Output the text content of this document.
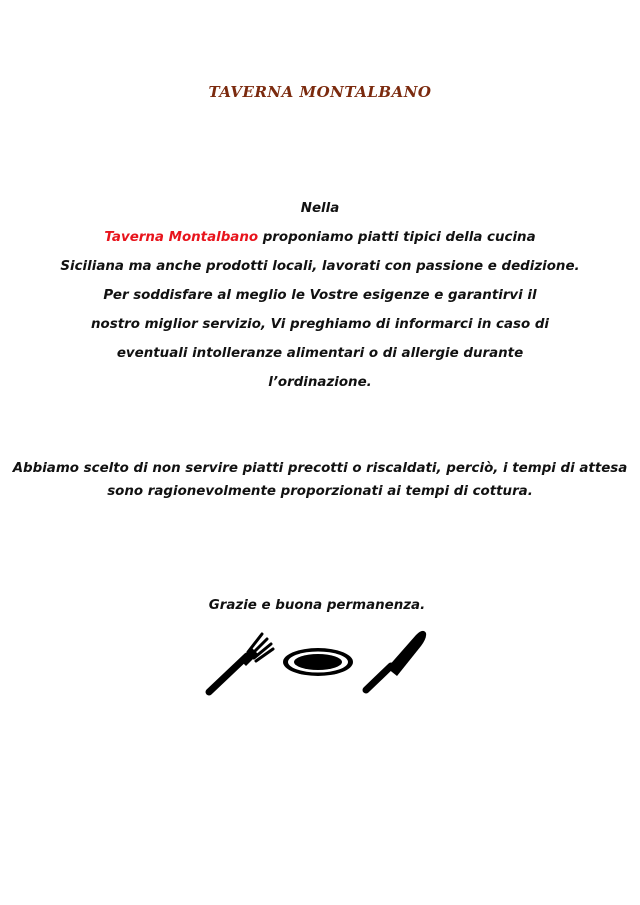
TAVERNA MONTALBANO
Nella
Taverna Montalbano proponiamo piatti tipici della cucina
Siciliana ma anche prodotti locali, lavorati con passione e dedizione.
Per soddisfare al meglio le Vostre esigenze e garantirvi il
nostro miglior servizio, Vi preghiamo di informarci in caso di
eventuali intolleranze alimentari o di allergie durante
l’ordinazione.
Abbiamo scelto di non servire piatti precotti o riscaldati, perciò, i tempi di attesa
sono ragionevolmente proporzionati ai tempi di cottura.
Grazie e buona permanenza.
